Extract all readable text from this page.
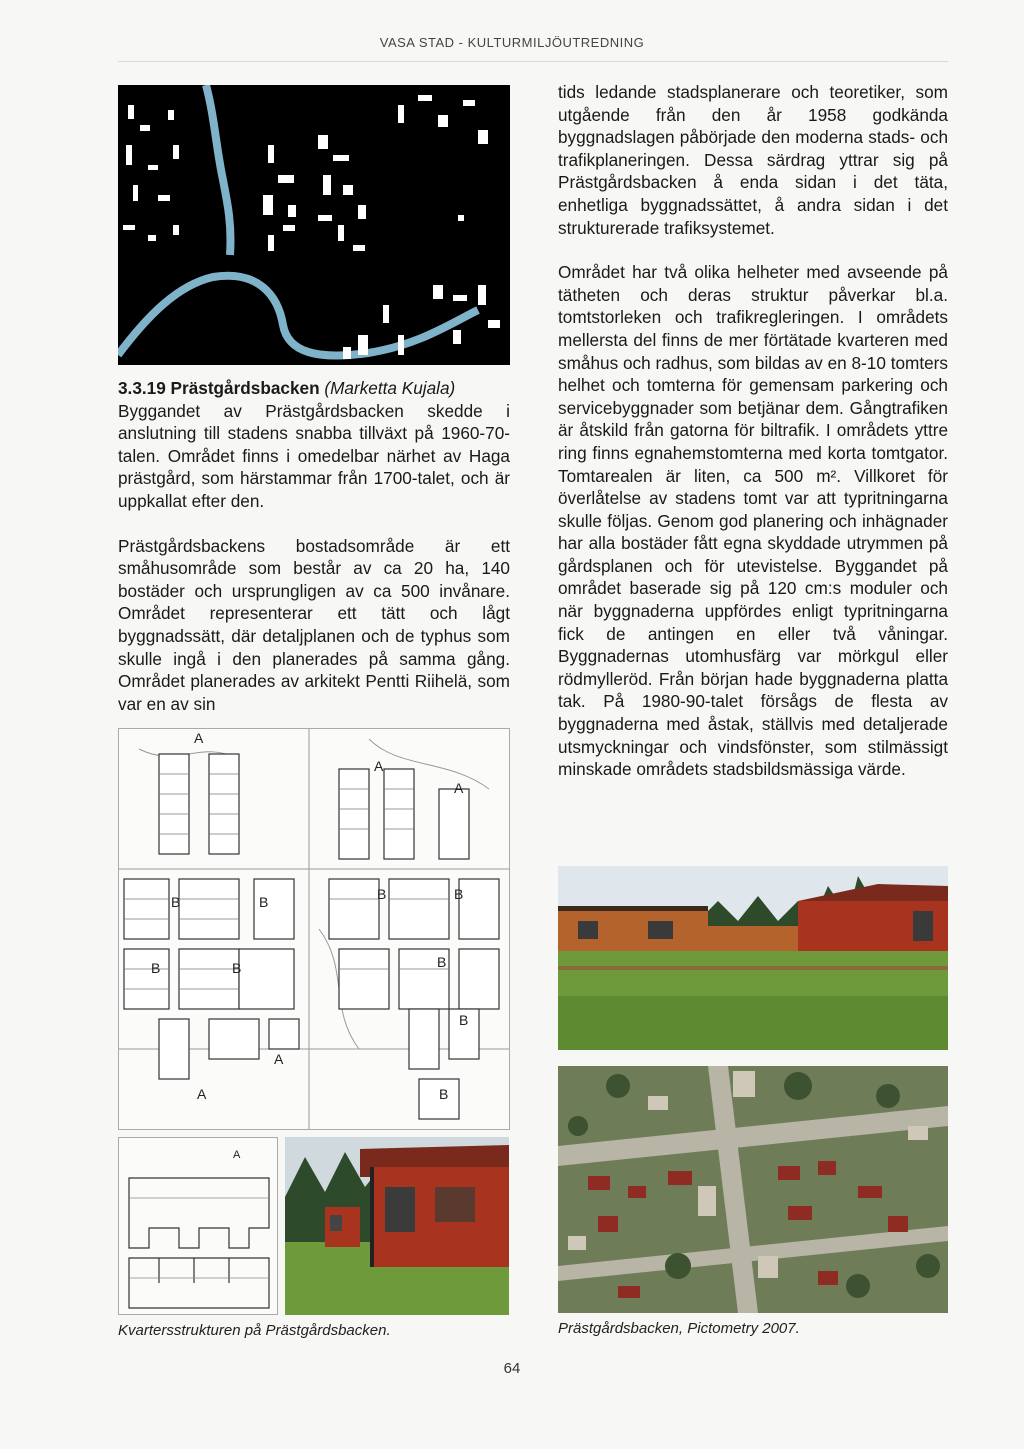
VASA STAD - KULTURMILJÖUTREDNING
3.3.19 Prästgårdsbacken (Marketta Kujala)

Byggandet av Prästgårdsbacken skedde i anslutning till stadens snabba tillväxt på 1960-70-talen. Området finns i omedelbar närhet av Haga prästgård, som härstammar från 1700-talet, och är uppkallat efter den.

Prästgårdsbackens bostadsområde är ett småhusområde som består av ca 20 ha, 140 bostäder och ursprungligen av ca 500 invånare. Området representerar ett tätt och lågt byggnadssätt, där detaljplanen och de typhus som skulle ingå i den planerades på samma gång. Området planerades av arkitekt Pentti Riihelä, som var en av sin

tids ledande stadsplanerare och teoretiker, som utgående från den år 1958 godkända byggnadslagen påbörjade den moderna stads- och trafikplaneringen. Dessa särdrag yttrar sig på Prästgårdsbacken å enda sidan i det täta, enhetliga byggnadssättet, å andra sidan i det strukturerade trafiksystemet.

Området har två olika helheter med avseende på tätheten och deras struktur påverkar bl.a. tomtstorleken och trafikregleringen. I områdets mellersta del finns de mer förtätade kvarteren med småhus och radhus, som bildas av en 8-10 tomters helhet och tomterna för gemensam parkering och servicebyggnader som betjänar dem. Gångtrafiken är åtskild från gatorna för biltrafik. I områdets yttre ring finns egnahemstomterna med korta tomtgator. Tomtarealen är liten, ca 500 m². Villkoret för överlåtelse av stadens tomt var att typritningarna skulle följas. Genom god planering och inhägnader har alla bostäder fått egna skyddade utrymmen på gårdsplanen och för utevistelse. Byggandet på området baserade sig på 120 cm:s moduler och när byggnaderna uppfördes enligt typritningarna fick de antingen en eller två våningar. Byggnadernas utomhusfärg var mörkgul eller rödmylleröd. Från början hade byggnaderna platta tak. På 1980-90-talet försågs de flesta av byggnaderna med åstak, ställvis med detaljerade utsmyckningar och vindsfönster, som stilmässigt minskade områdets stadsbildsmässiga värde.

A
A
A
A
A
B	B	B	B
B	B	B
B
B
A
Kvartersstrukturen på Prästgårdsbacken.	Prästgårdsbacken, Pictometry 2007.
64
